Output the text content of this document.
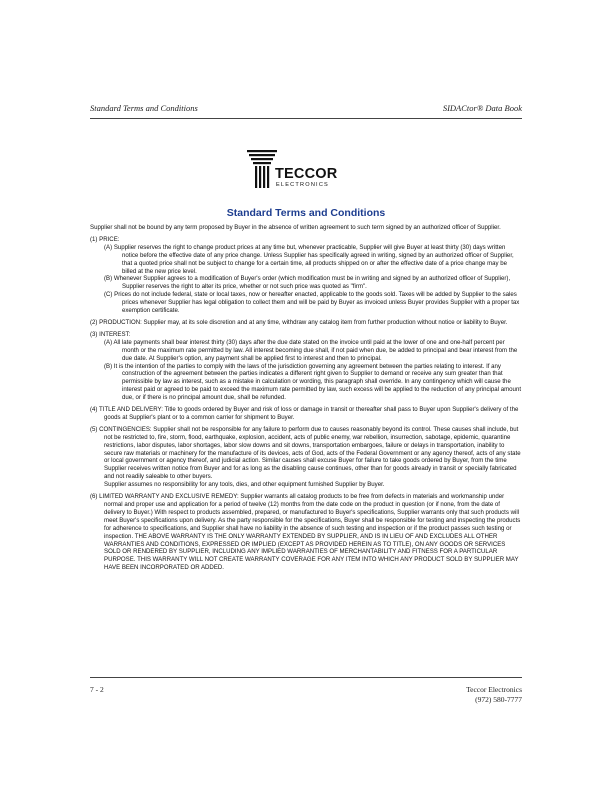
Standard Terms and Conditions	SIDACtor® Data Book
TECCOR
ELECTRONICS
Standard Terms and Conditions

Supplier shall not be bound by any term proposed by Buyer in the absence of written agreement to such term signed by an authorized officer of Supplier.

(1) PRICE:

(A) Supplier reserves the right to change product prices at any time but, whenever practicable, Supplier will give Buyer at least thirty (30) days written notice before the effective date of any price change. Unless Supplier has specifically agreed in writing, signed by an authorized officer of Supplier, that a quoted price shall not be subject to change for a certain time, all products shipped on or after the effective date of a price change may be billed at the new price level.

(B) Whenever Supplier agrees to a modification of Buyer's order (which modification must be in writing and signed by an authorized officer of Supplier), Supplier reserves the right to alter its price, whether or not such price was quoted as "firm".

(C) Prices do not include federal, state or local taxes, now or hereafter enacted, applicable to the goods sold. Taxes will be added by Supplier to the sales prices whenever Supplier has legal obligation to collect them and will be paid by Buyer as invoiced unless Buyer provides Supplier with a proper tax exemption certificate.

(2) PRODUCTION: Supplier may, at its sole discretion and at any time, withdraw any catalog item from further production without notice or liability to Buyer.

(3) INTEREST:

(A) All late payments shall bear interest thirty (30) days after the due date stated on the invoice until paid at the lower of one and one-half percent per month or the maximum rate permitted by law. All interest becoming due shall, if not paid when due, be added to principal and bear interest from the due date. At Supplier's option, any payment shall be applied first to interest and then to principal.

(B) It is the intention of the parties to comply with the laws of the jurisdiction governing any agreement between the parties relating to interest. If any construction of the agreement between the parties indicates a different right given to Supplier to demand or receive any sum greater than that permissible by law as interest, such as a mistake in calculation or wording, this paragraph shall override. In any contingency which will cause the interest paid or agreed to be paid to exceed the maximum rate permitted by law, such excess will be applied to the reduction of any principal amount due, or if there is no principal amount due, shall be refunded.

(4) TITLE AND DELIVERY: Title to goods ordered by Buyer and risk of loss or damage in transit or thereafter shall pass to Buyer upon Supplier's delivery of the goods at Supplier's plant or to a common carrier for shipment to Buyer.

(5) CONTINGENCIES: Supplier shall not be responsible for any failure to perform due to causes reasonably beyond its control. These causes shall include, but not be restricted to, fire, storm, flood, earthquake, explosion, accident, acts of public enemy, war rebellion, insurrection, sabotage, epidemic, quarantine restrictions, labor disputes, labor shortages, labor slow downs and sit downs, transportation embargoes, failure or delays in transportation, inability to secure raw materials or machinery for the manufacture of its devices, acts of God, acts of the Federal Government or any agency thereof, acts of any state or local government or agency thereof, and judicial action. Similar causes shall excuse Buyer for failure to take goods ordered by Buyer, from the time Supplier receives written notice from Buyer and for as long as the disabling cause continues, other than for goods already in transit or specially fabricated and not readily saleable to other buyers.

Supplier assumes no responsibility for any tools, dies, and other equipment furnished Supplier by Buyer.

(6) LIMITED WARRANTY AND EXCLUSIVE REMEDY: Supplier warrants all catalog products to be free from defects in materials and workmanship under normal and proper use and application for a period of twelve (12) months from the date code on the product in question (or if none, from the date of delivery to Buyer.) With respect to products assembled, prepared, or manufactured to Buyer's specifications, Supplier warrants only that such products will meet Buyer's specifications upon delivery. As the party responsible for the specifications, Buyer shall be responsible for testing and inspecting the products for adherence to specifications, and Supplier shall have no liability in the absence of such testing and inspection or if the product passes such testing or inspection. THE ABOVE WARRANTY IS THE ONLY WARRANTY EXTENDED BY SUPPLIER, AND IS IN LIEU OF AND EXCLUDES ALL OTHER WARRANTIES AND CONDITIONS, EXPRESSED OR IMPLIED (EXCEPT AS PROVIDED HEREIN AS TO TITLE), ON ANY GOODS OR SERVICES SOLD OR RENDERED BY SUPPLIER, INCLUDING ANY IMPLIED WARRANTIES OF MERCHANTABILITY AND FITNESS FOR A PARTICULAR PURPOSE. THIS WARRANTY WILL NOT CREATE WARRANTY COVERAGE FOR ANY ITEM INTO WHICH ANY PRODUCT SOLD BY SUPPLIER MAY HAVE BEEN INCORPORATED OR ADDED.

7 - 2	Teccor Electronics
(972) 580-7777
